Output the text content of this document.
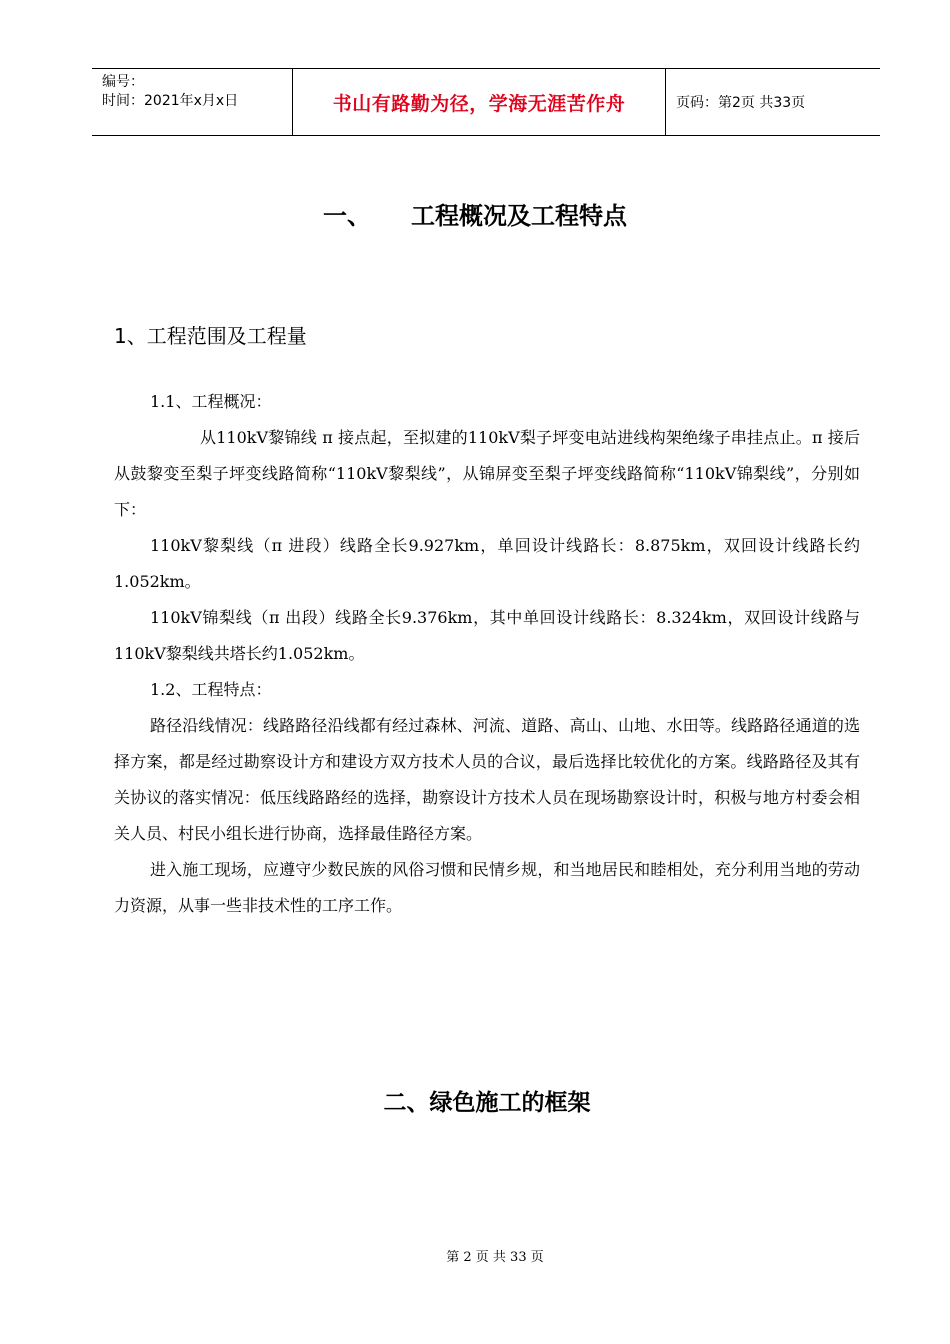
编号：
时间：2021年x月x日	书山有路勤为径，学海无涯苦作舟	页码：第2页 共33页
一、 工程概况及工程特点
1、工程范围及工程量

1.1、工程概况：

从110kV黎锦线 π 接点起，至拟建的110kV梨子坪变电站进线构架绝缘子串挂点止。π 接后从鼓黎变至梨子坪变线路简称“110kV黎梨线”，从锦屏变至梨子坪变线路简称“110kV锦梨线”，分别如下：

110kV黎梨线（π 进段）线路全长9.927km，单回设计线路长：8.875km，双回设计线路长约1.052km。

110kV锦梨线（π 出段）线路全长9.376km，其中单回设计线路长：8.324km，双回设计线路与110kV黎梨线共塔长约1.052km。

1.2、工程特点：

路径沿线情况：线路路径沿线都有经过森林、河流、道路、高山、山地、水田等。线路路径通道的选择方案，都是经过勘察设计方和建设方双方技术人员的合议，最后选择比较优化的方案。线路路径及其有关协议的落实情况：低压线路路经的选择，勘察设计方技术人员在现场勘察设计时，积极与地方村委会相关人员、村民小组长进行协商，选择最佳路径方案。

进入施工现场，应遵守少数民族的风俗习惯和民情乡规，和当地居民和睦相处，充分利用当地的劳动力资源，从事一些非技术性的工序工作。

二、绿色施工的框架
第 2 页 共 33 页
